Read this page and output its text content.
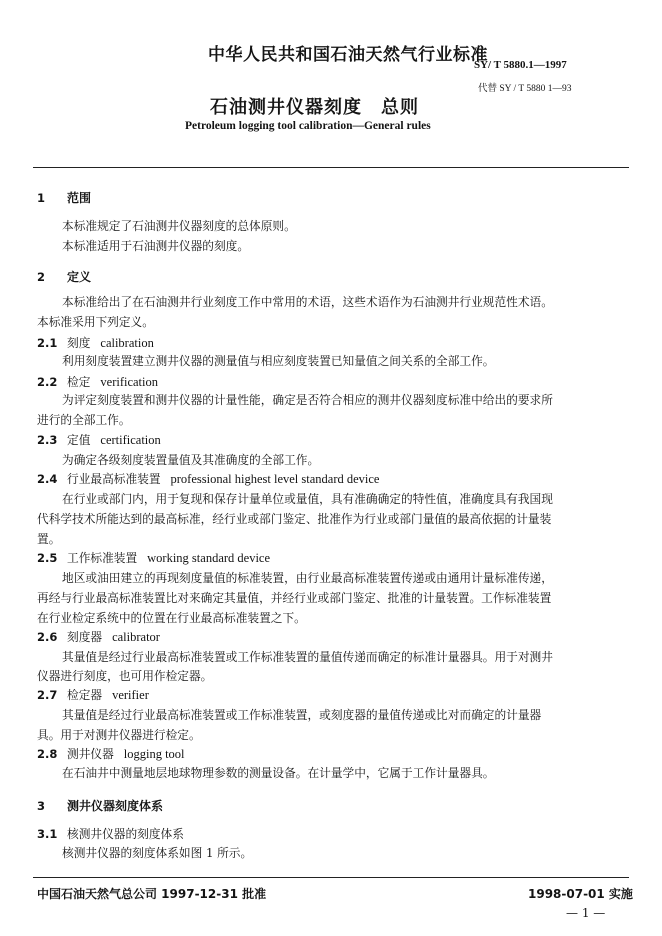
中华人民共和国石油天然气行业标准
SY/ T 5880.1—1997
代替 SY / T 5880 1—93
石油测井仪器刻度　总则
Petroleum logging tool calibration—General rules
1 范围
本标准规定了石油测井仪器刻度的总体原则。
本标准适用于石油测井仪器的刻度。
2 定义
本标准给出了在石油测井行业刻度工作中常用的术语，这些术语作为石油测井行业规范性术语。
本标准采用下列定义。
2.1 刻度 calibration
利用刻度装置建立测井仪器的测量值与相应刻度装置已知量值之间关系的全部工作。
2.2 检定 verification
为评定刻度装置和测井仪器的计量性能，确定是否符合相应的测井仪器刻度标准中给出的要求所
进行的全部工作。
2.3 定值 certification
为确定各级刻度装置量值及其准确度的全部工作。
2.4 行业最高标准装置 professional highest level standard device
在行业或部门内，用于复现和保存计量单位或量值，具有准确确定的特性值，准确度具有我国现
代科学技术所能达到的最高标准，经行业或部门鉴定、批准作为行业或部门量值的最高依据的计量装
置。
2.5 工作标准装置 working standard device
地区或油田建立的再现刻度量值的标准装置，由行业最高标准装置传递或由通用计量标准传递，
再经与行业最高标准装置比对来确定其量值，并经行业或部门鉴定、批准的计量装置。工作标准装置
在行业检定系统中的位置在行业最高标准装置之下。
2.6 刻度器 calibrator
其量值是经过行业最高标准装置或工作标准装置的量值传递而确定的标准计量器具。用于对测井
仪器进行刻度，也可用作检定器。
2.7 检定器 verifier
其量值是经过行业最高标准装置或工作标准装置，或刻度器的量值传递或比对而确定的计量器
具。用于对测井仪器进行检定。
2.8 测井仪器 logging tool
在石油井中测量地层地球物理参数的测量设备。在计量学中，它属于工作计量器具。
3 测井仪器刻度体系
3.1 核测井仪器的刻度体系
核测井仪器的刻度体系如图 1 所示。
中国石油天然气总公司 1997-12-31 批准	1998-07-01 实施
— 1 —
